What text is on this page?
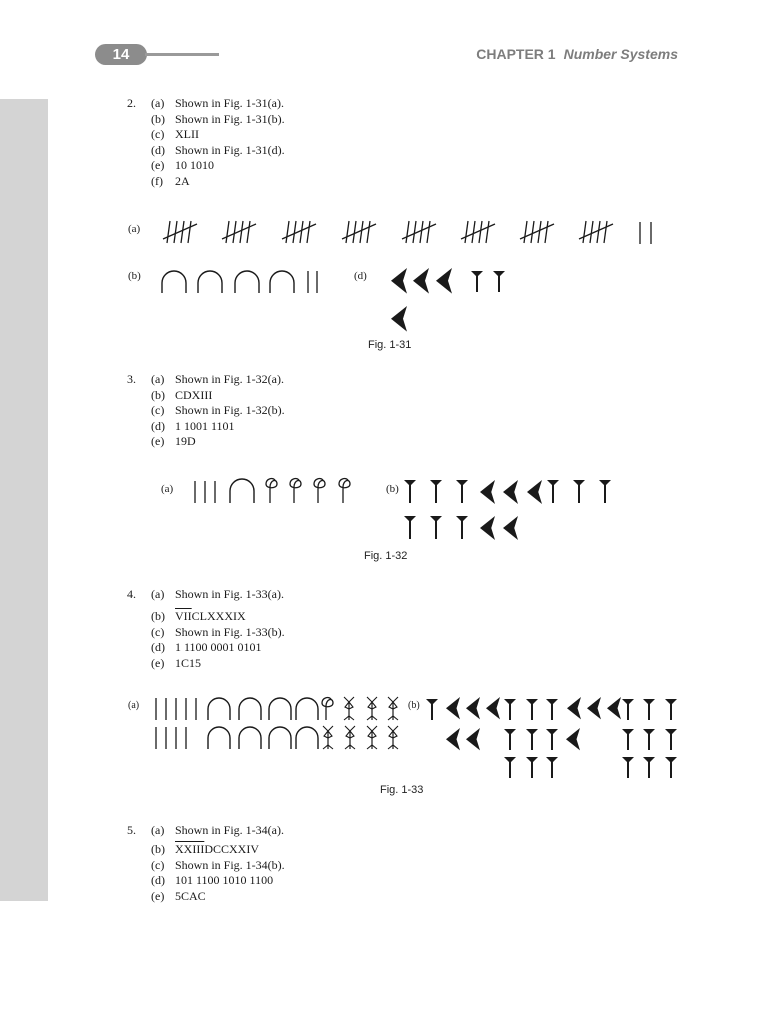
14	CHAPTER 1 Number Systems
2. (a) Shown in Fig. 1-31(a).
(b) Shown in Fig. 1-31(b).
(c) XLII
(d) Shown in Fig. 1-31(d).
(e) 10 1010
(f) 2A
(a)
(b)	(d)
Fig. 1-31
3. (a) Shown in Fig. 1-32(a).
(b) CDXIII
(c) Shown in Fig. 1-32(b).
(d) 1 1001 1101
(e) 19D
(a)	(b)
Fig. 1-32
4. (a) Shown in Fig. 1-33(a).
(b) $\overline{VII}CLXXXIX$
(c) Shown in Fig. 1-33(b).
(d) 1 1100 0001 0101
(e) 1C15
(a)	(b)
Fig. 1-33
5. (a) Shown in Fig. 1-34(a).
(b) XXIIIDCCXXIV
(c) Shown in Fig. 1-34(b).
(d) 101 1100 1010 1100
(e) 5CAC
